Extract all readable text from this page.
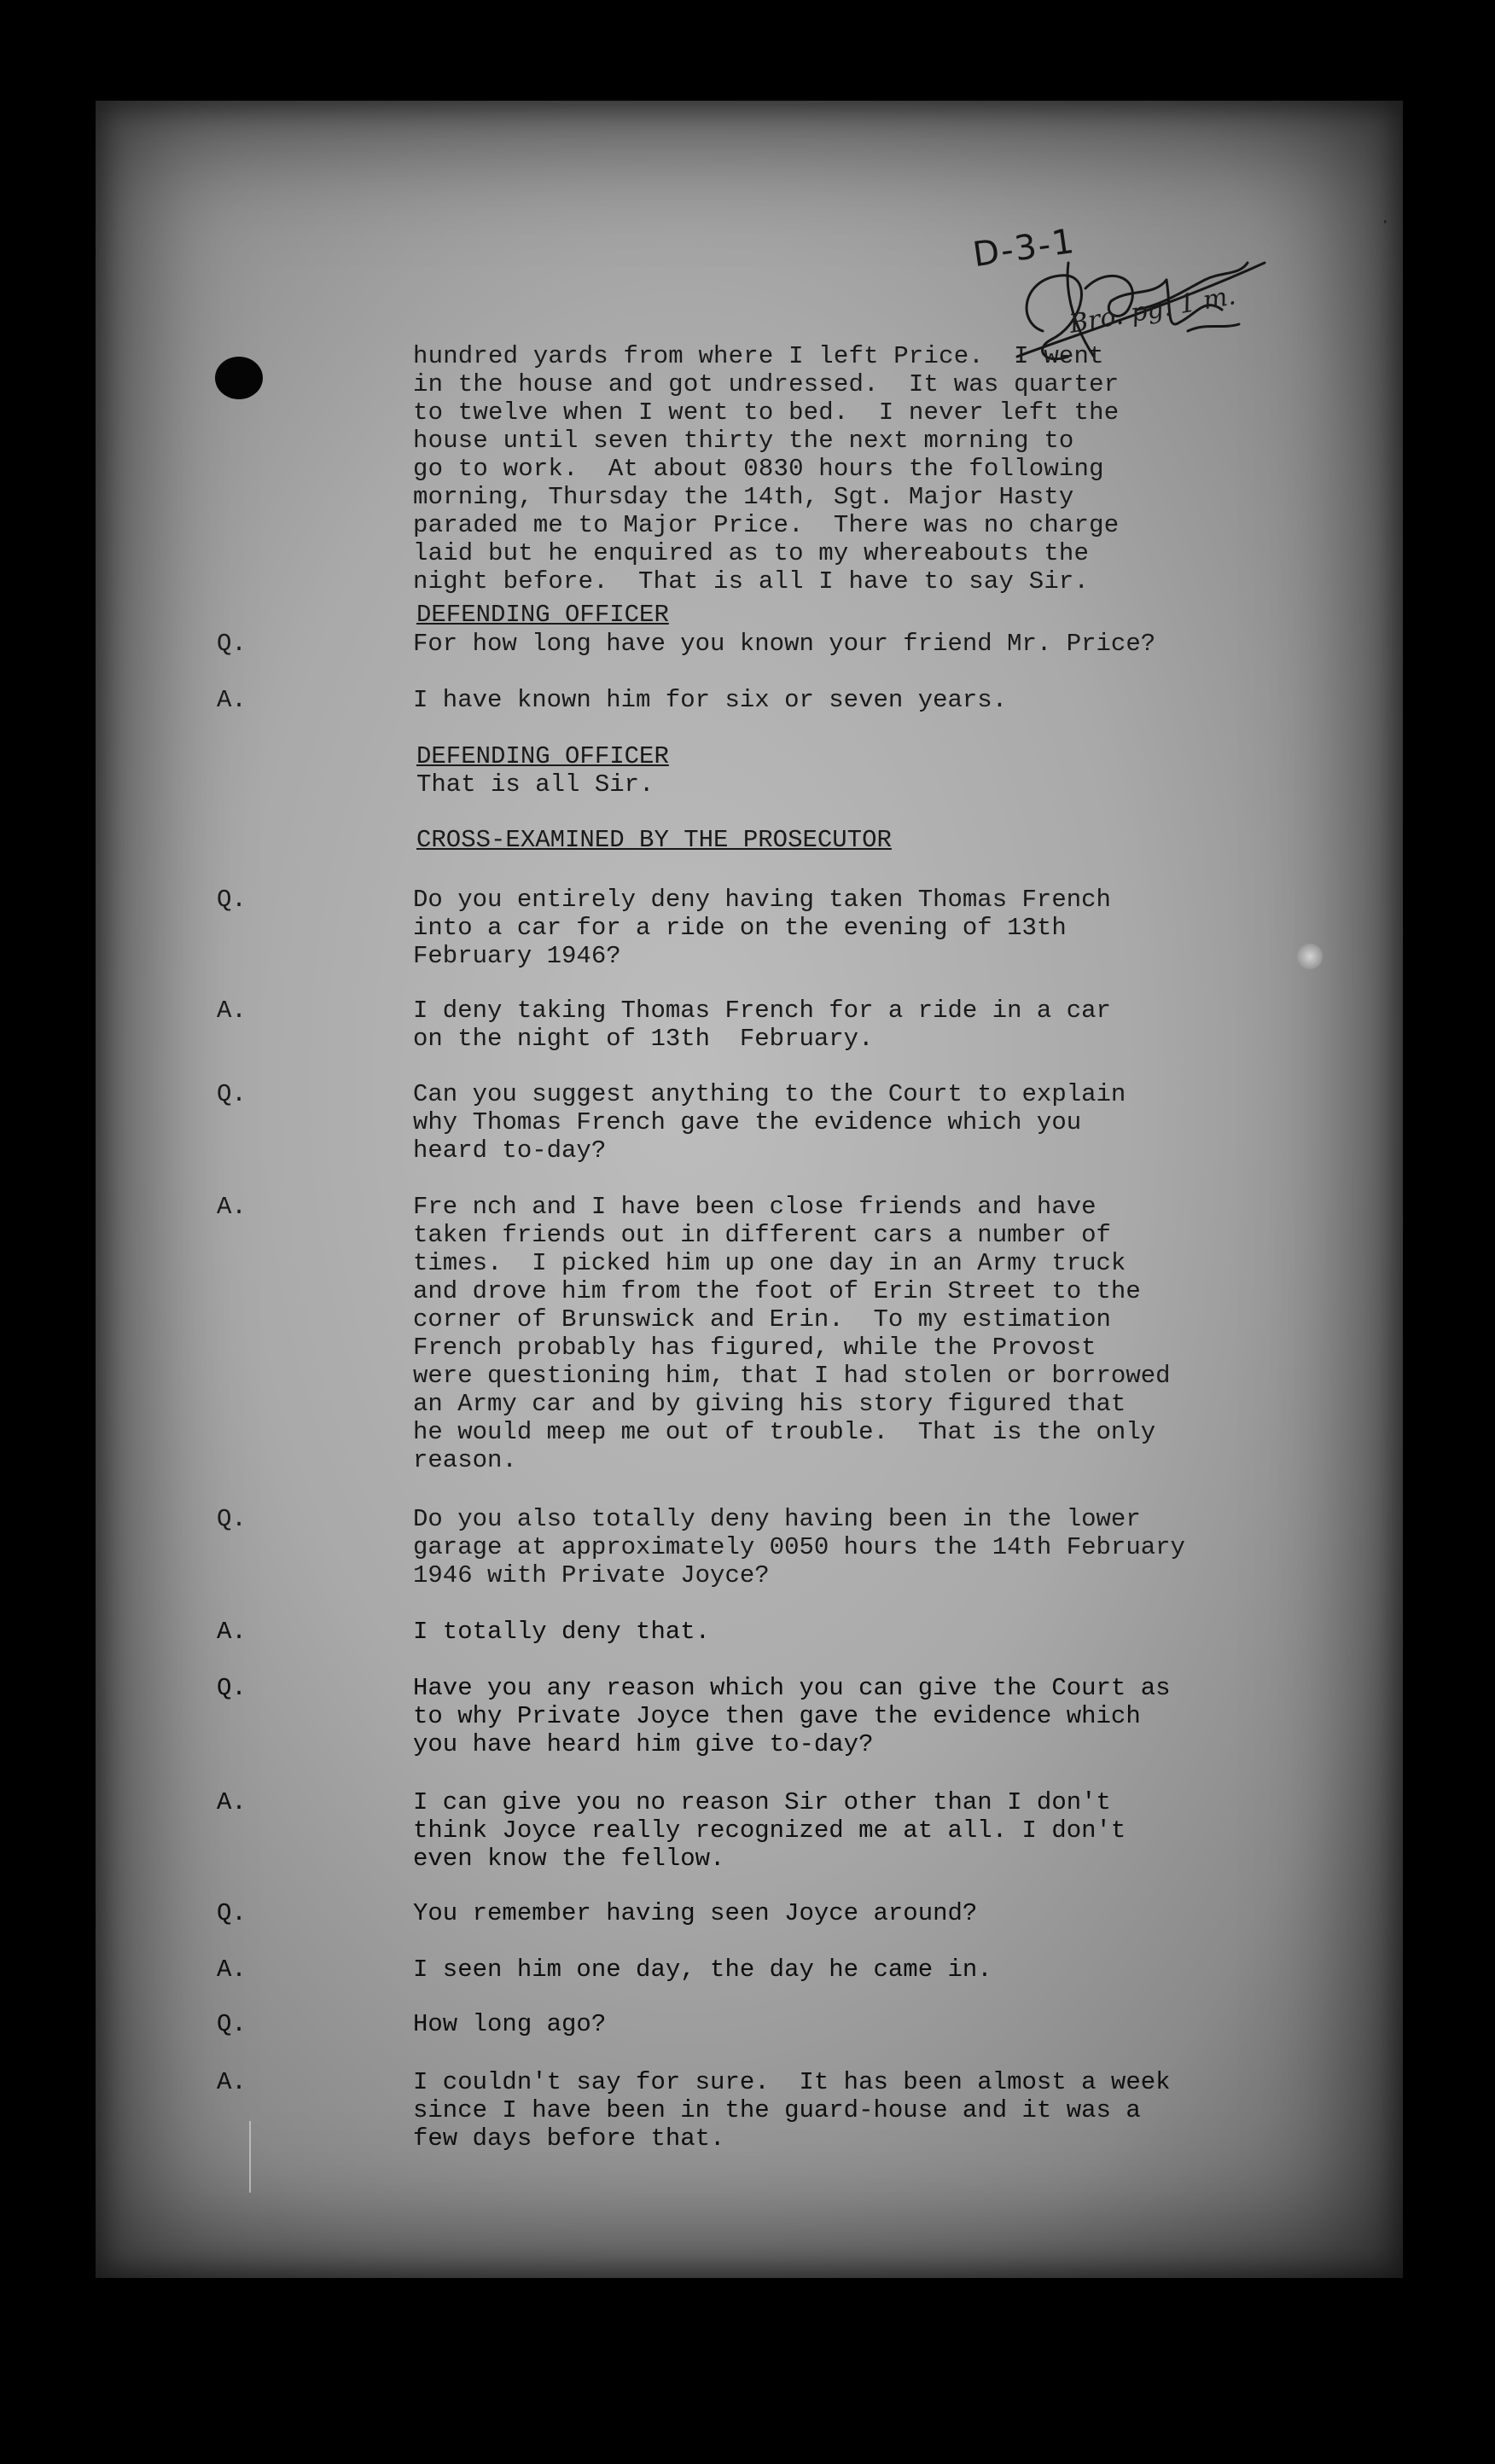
D-3-1
Bro. pg. 1 m.
·

hundred yards from where I left Price.  I went
in the house and got undressed.  It was quarter
to twelve when I went to bed.  I never left the
house until seven thirty the next morning to
go to work.  At about 0830 hours the following
morning, Thursday the 14th, Sgt. Major Hasty
paraded me to Major Price.  There was no charge
laid but he enquired as to my whereabouts the
night before.  That is all I have to say Sir.

DEFENDING OFFICER

Q.	For how long have you known your friend Mr. Price?

A.	I have known him for six or seven years.

DEFENDING OFFICER

That is all Sir.

CROSS-EXAMINED BY THE PROSECUTOR

Q.	Do you entirely deny having taken Thomas French
into a car for a ride on the evening of 13th
February 1946?

A.	I deny taking Thomas French for a ride in a car
on the night of 13th  February.

Q.	Can you suggest anything to the Court to explain
why Thomas French gave the evidence which you
heard to-day?

A.	Fre nch and I have been close friends and have
taken friends out in different cars a number of
times.  I picked him up one day in an Army truck
and drove him from the foot of Erin Street to the
corner of Brunswick and Erin.  To my estimation
French probably has figured, while the Provost
were questioning him, that I had stolen or borrowed
an Army car and by giving his story figured that
he would meep me out of trouble.  That is the only
reason.

Q.	Do you also totally deny having been in the lower
garage at approximately 0050 hours the 14th February
1946 with Private Joyce?

A.	I totally deny that.

Q.	Have you any reason which you can give the Court as
to why Private Joyce then gave the evidence which
you have heard him give to-day?

A.	I can give you no reason Sir other than I don't
think Joyce really recognized me at all. I don't
even know the fellow.

Q.	You remember having seen Joyce around?

A.	I seen him one day, the day he came in.

Q.	How long ago?

A.	I couldn't say for sure.  It has been almost a week
since I have been in the guard-house and it was a
few days before that.
